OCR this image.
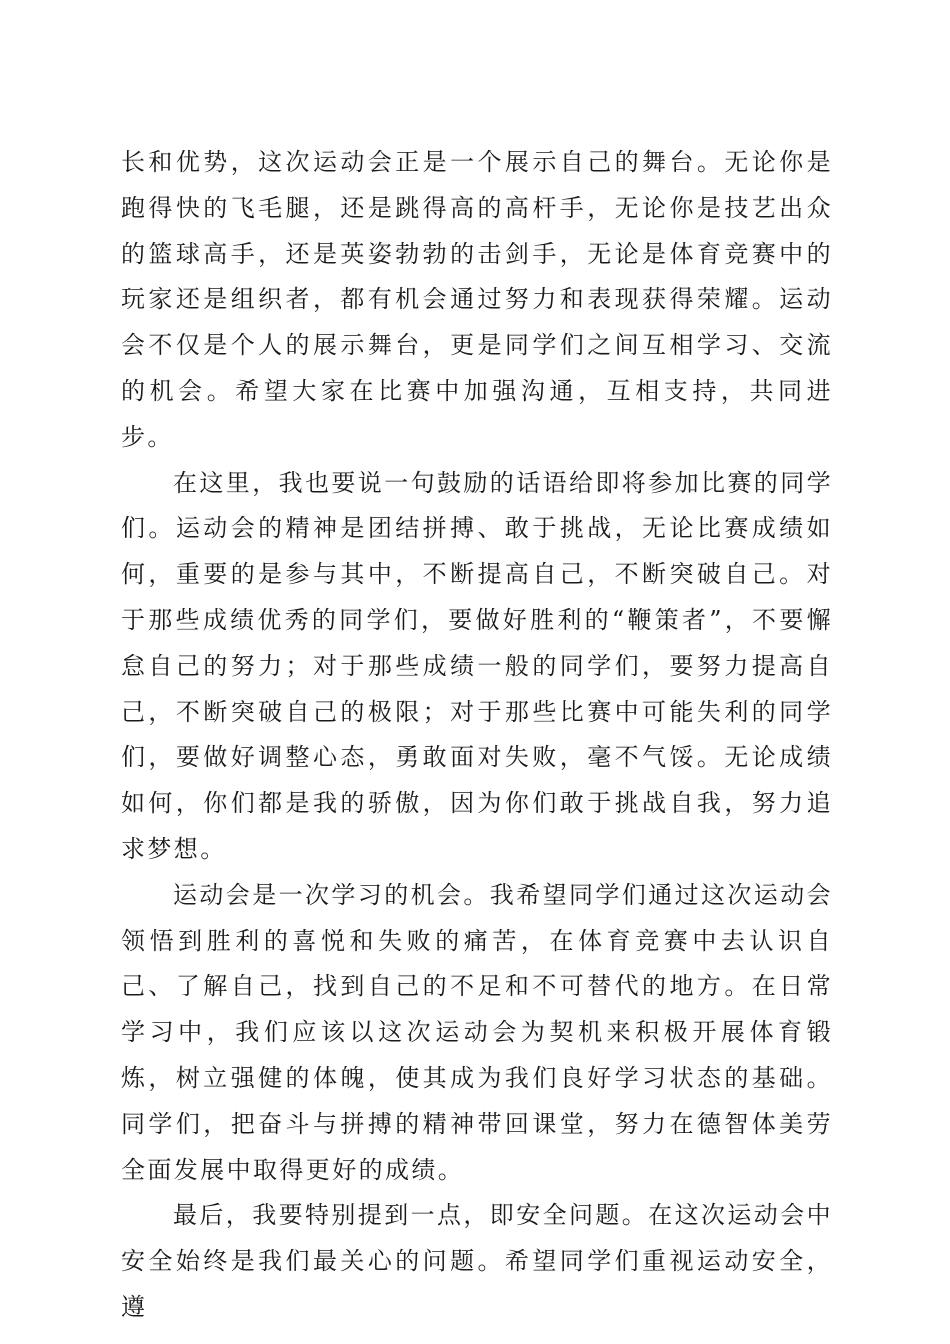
长和优势，这次运动会正是一个展示自己的舞台。无论你是跑得快的飞毛腿，还是跳得高的高杆手，无论你是技艺出众的篮球高手，还是英姿勃勃的击剑手，无论是体育竞赛中的玩家还是组织者，都有机会通过努力和表现获得荣耀。运动会不仅是个人的展示舞台，更是同学们之间互相学习、交流的机会。希望大家在比赛中加强沟通，互相支持，共同进步。

在这里，我也要说一句鼓励的话语给即将参加比赛的同学们。运动会的精神是团结拼搏、敢于挑战，无论比赛成绩如何，重要的是参与其中，不断提高自己，不断突破自己。对于那些成绩优秀的同学们，要做好胜利的“鞭策者”，不要懈怠自己的努力；对于那些成绩一般的同学们，要努力提高自己，不断突破自己的极限；对于那些比赛中可能失利的同学们，要做好调整心态，勇敢面对失败，毫不气馁。无论成绩如何，你们都是我的骄傲，因为你们敢于挑战自我，努力追求梦想。

运动会是一次学习的机会。我希望同学们通过这次运动会领悟到胜利的喜悦和失败的痛苦，在体育竞赛中去认识自己、了解自己，找到自己的不足和不可替代的地方。在日常学习中，我们应该以这次运动会为契机来积极开展体育锻炼，树立强健的体魄，使其成为我们良好学习状态的基础。同学们，把奋斗与拼搏的精神带回课堂，努力在德智体美劳全面发展中取得更好的成绩。

最后，我要特别提到一点，即安全问题。在这次运动会中安全始终是我们最关心的问题。希望同学们重视运动安全，遵
